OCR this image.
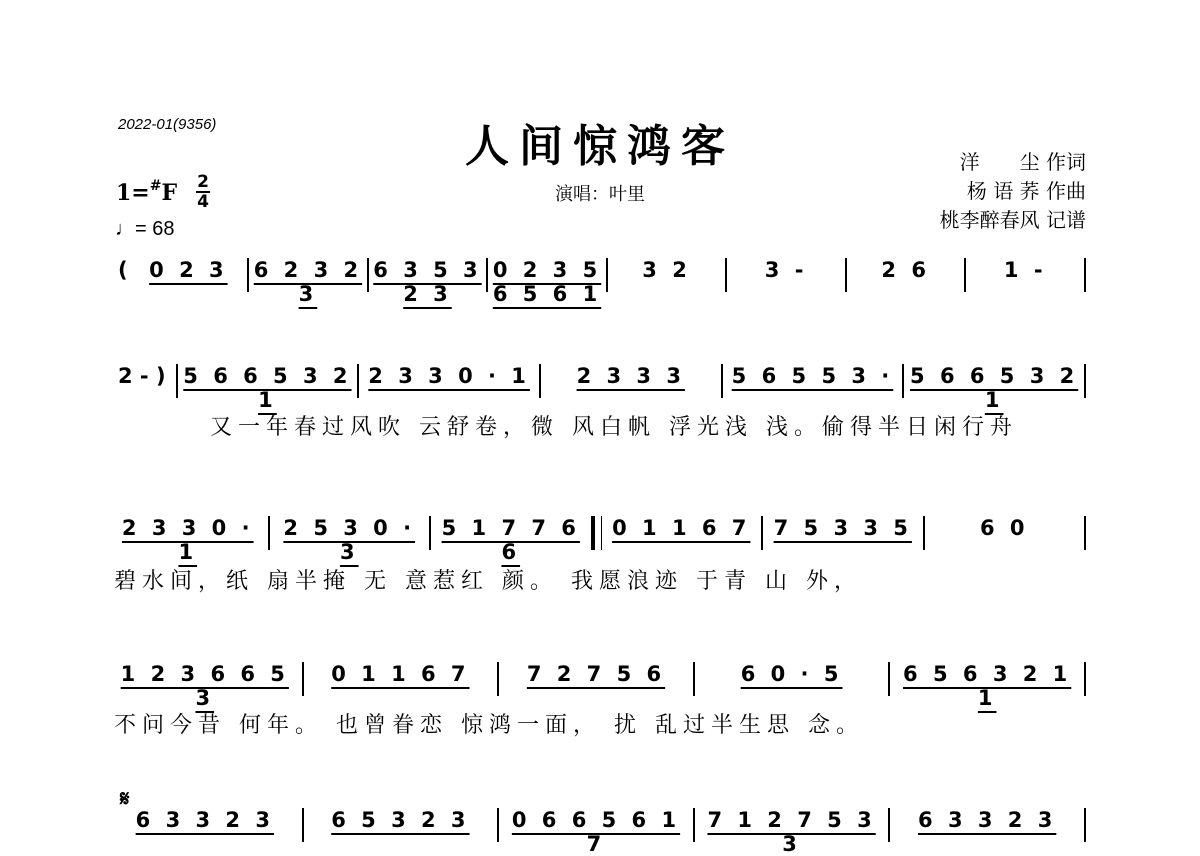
2022-01(9356)	人间惊鸿客
演唱：叶里
洋　　尘 作词
杨 语 荞 作曲
桃李醉春风 记谱
1=#F 2
4
♩= 68
(	0 2 3	6 2 3 2 3
6 3 5 3 2 3
0 2 3 5 6 5 6 1
3 2	3 -	2 6	1 -
2 - ) 5 6 6 5 3 2 1
2 3 3 0 · 1	2 3 3 3	5 6 5 5 3 · 5 6 6 5 3 2 1
又一年春过风吹 云舒卷，微 风白帆 浮光浅 浅。偷得半日闲行舟
2 3 3 0 · 1
2 5 3 0 · 3
5 1 7 7 6 6
0 1 1 6 7	7 5 3 3 5	6 0
碧水间，纸 扇半掩 无 意惹红 颜。 我愿浪迹 于青 山 外，
1 2 3 6 6 5 3
0 1 1 6 7	7 2 7 5 6	6 0 · 5	6 5 6 3 2 1 1
不问今昔 何年。 也曾眷恋 惊鸿一面， 扰 乱过半生思 念。
𝄋
6 3 3 2 3	6 5 3 2 3	0 6 6 5 6 1 7
7 1 2 7 5 3 3
6 3 3 2 3
